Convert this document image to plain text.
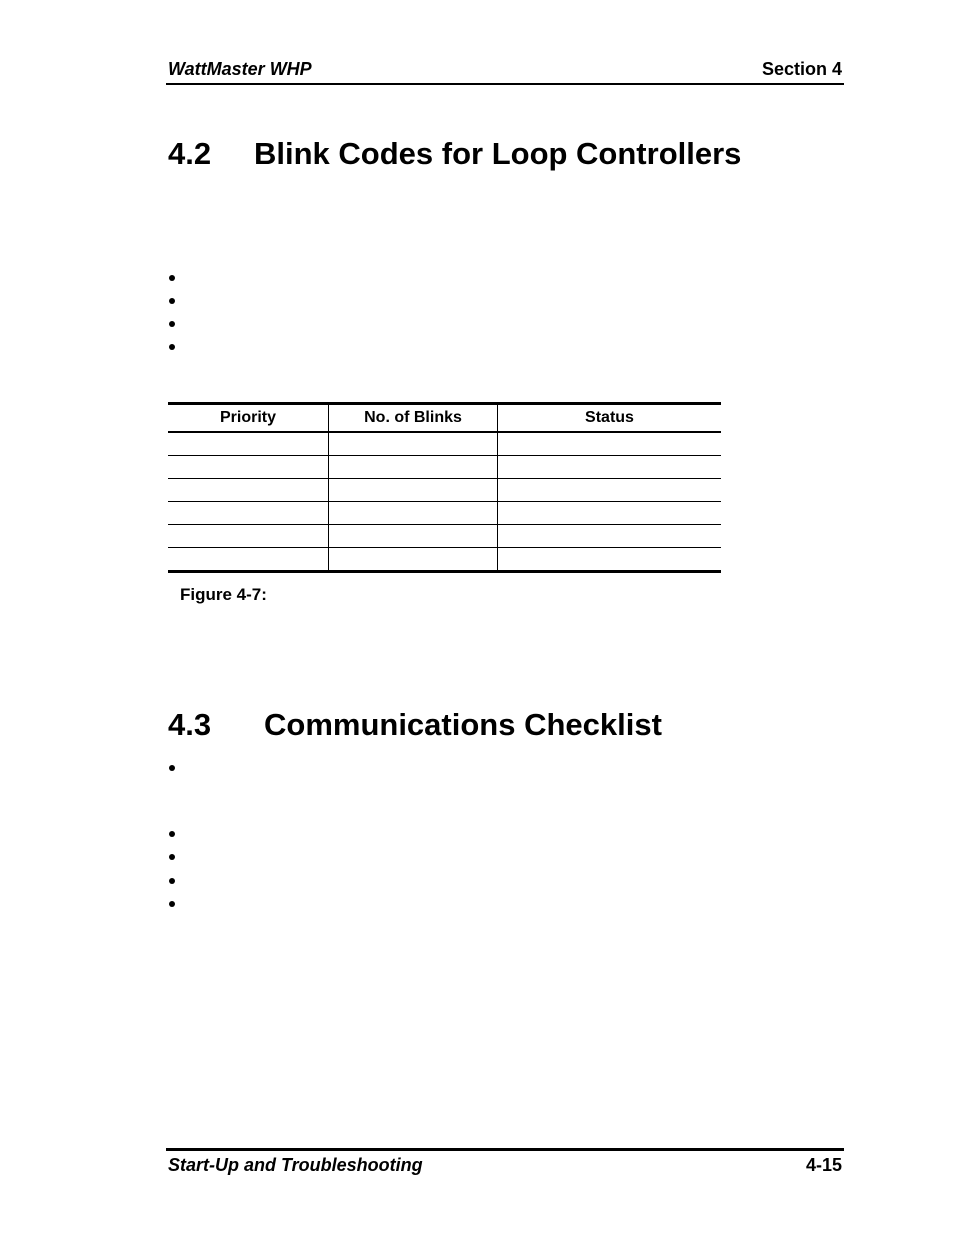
WattMaster WHP	Section 4
4.2 Blink Codes for Loop Controllers
Priority	No. of Blinks	Status

Figure 4-7:
4.3 Communications Checklist
Start-Up and Troubleshooting	4-15
